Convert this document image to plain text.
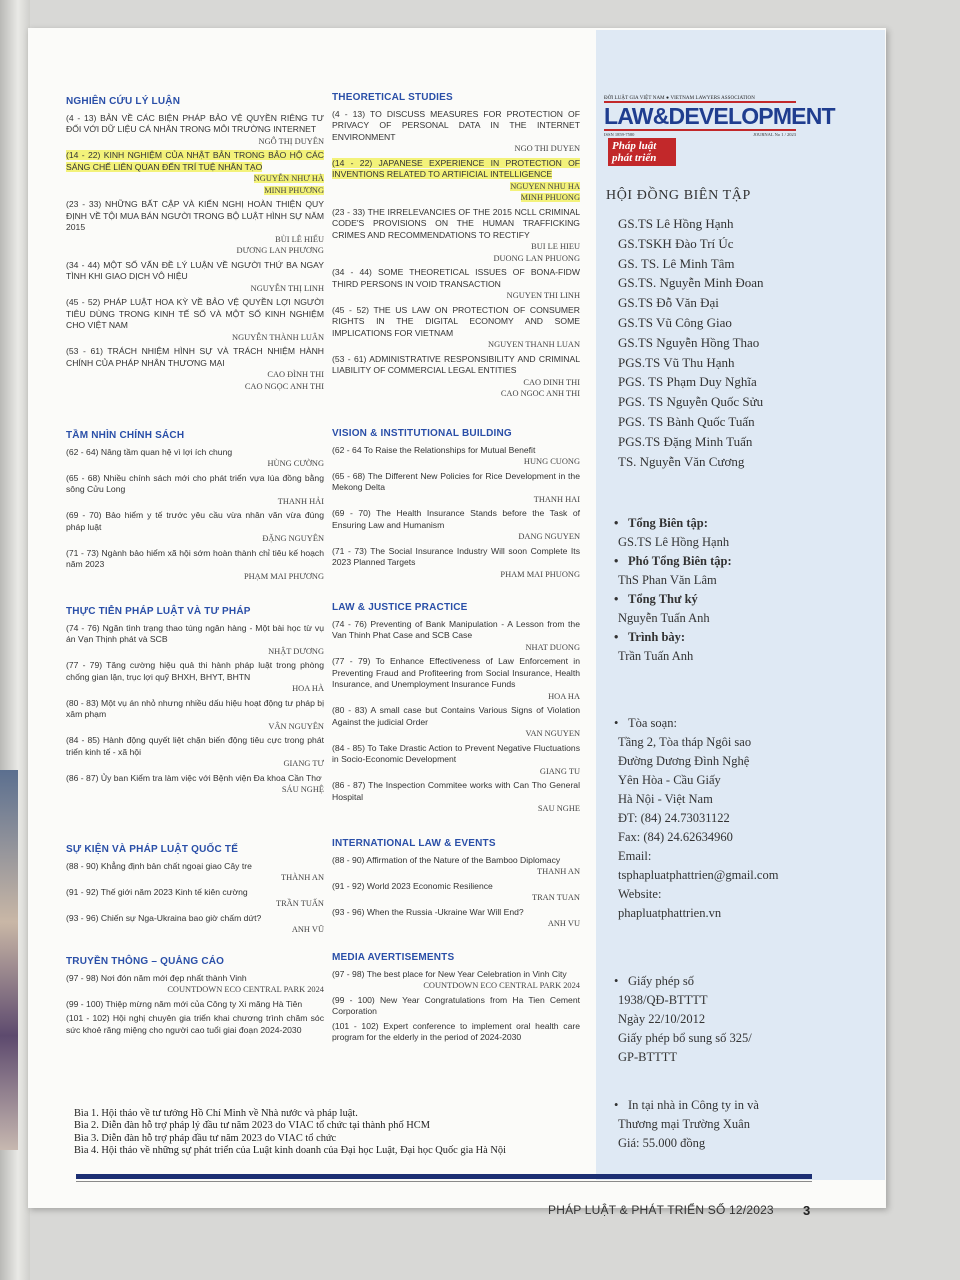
NGHIÊN CỨU LÝ LUẬN
(4 - 13) BẢN VỀ CÁC BIỆN PHÁP BẢO VỆ QUYỀN RIÊNG TƯ ĐỐI VỚI DỮ LIỆU CÁ NHÂN TRONG MÔI TRƯỜNG INTERNET
NGÔ THỊ DUYÊN
(14 - 22) KINH NGHIỆM CỦA NHẬT BẢN TRONG BẢO HỘ CÁC SÁNG CHẾ LIÊN QUAN ĐẾN TRÍ TUỆ NHÂN TẠO
NGUYỄN NHƯ HÀ
MINH PHƯƠNG
(23 - 33) NHỮNG BẤT CẬP VÀ KIẾN NGHỊ HOÀN THIỆN QUY ĐỊNH VỀ TỘI MUA BÁN NGƯỜI TRONG BỘ LUẬT HÌNH SỰ NĂM 2015
BÙI LÊ HIẾU
DƯƠNG LAN PHƯƠNG
(34 - 44) MỘT SỐ VẤN ĐỀ LÝ LUẬN VỀ NGƯỜI THỨ BA NGAY TÌNH KHI GIAO DỊCH VÔ HIỆU
NGUYỄN THỊ LINH
(45 - 52) PHÁP LUẬT HOA KỲ VỀ BẢO VỆ QUYỀN LỢI NGƯỜI TIÊU DÙNG TRONG KINH TẾ SỐ VÀ MỘT SỐ KINH NGHIỆM CHO VIỆT NAM
NGUYỄN THÀNH LUÂN
(53 - 61) TRÁCH NHIỆM HÌNH SỰ VÀ TRÁCH NHIỆM HÀNH CHÍNH CỦA PHÁP NHÂN THƯƠNG MẠI
CAO ĐÌNH THI
CAO NGỌC ANH THI
TẦM NHÌN CHÍNH SÁCH
(62 - 64) Nâng tầm quan hệ vì lợi ích chung
HÙNG CƯỜNG
(65 - 68) Nhiều chính sách mới cho phát triển vựa lúa đồng bằng sông Cửu Long
THANH HẢI
(69 - 70) Bảo hiểm y tế trước yêu cầu vừa nhân văn vừa đúng pháp luật
ĐẶNG NGUYÊN
(71 - 73) Ngành bảo hiểm xã hội sớm hoàn thành chỉ tiêu kế hoạch năm 2023
PHẠM MAI PHƯƠNG
THỰC TIỄN PHÁP LUẬT VÀ TƯ PHÁP
(74 - 76) Ngăn tình trạng thao túng ngân hàng - Một bài học từ vụ án Vạn Thịnh phát và SCB
NHẬT DƯƠNG
(77 - 79) Tăng cường hiệu quả thi hành pháp luật trong phòng chống gian lận, trục lợi quỹ BHXH, BHYT, BHTN
HOA HÀ
(80 - 83) Một vụ án nhỏ nhưng nhiều dấu hiệu hoạt động tư pháp bị xâm phạm
VÂN NGUYÊN
(84 - 85) Hành động quyết liệt chặn biến động tiêu cực trong phát triển kinh tế - xã hội
GIANG TƯ
(86 - 87) Ủy ban Kiểm tra làm việc với Bệnh viện Đa khoa Cần Thơ
SÁU NGHỆ
SỰ KIỆN VÀ PHÁP LUẬT QUỐC TẾ
(88 - 90) Khẳng định bản chất ngoại giao Cây tre
THÀNH AN
(91 - 92) Thế giới năm 2023 Kinh tế kiên cường
TRẦN TUẤN
(93 - 96) Chiến sự Nga-Ukraina bao giờ chấm dứt?
ANH VŨ
TRUYỀN THÔNG – QUẢNG CÁO
(97 - 98) Nơi đón năm mới đẹp nhất thành Vinh
COUNTDOWN ECO CENTRAL PARK 2024
(99 - 100) Thiệp mừng năm mới của Công ty Xi măng Hà Tiên
(101 - 102) Hội nghị chuyên gia triển khai chương trình chăm sóc sức khoẻ răng miệng cho người cao tuổi giai đoạn 2024-2030
THEORETICAL STUDIES
(4 - 13) TO DISCUSS MEASURES FOR PROTECTION OF PRIVACY OF PERSONAL DATA IN THE INTERNET ENVIRONMENT
NGO THI DUYEN
(14 - 22) JAPANESE EXPERIENCE IN PROTECTION OF INVENTIONS RELATED TO ARTIFICIAL INTELLIGENCE
NGUYEN NHU HA
MINH PHUONG
(23 - 33) THE IRRELEVANCIES OF THE 2015 NCLL CRIMINAL CODE'S PROVISIONS ON THE HUMAN TRAFFICKING CRIMES AND RECOMMENDATIONS TO RECTIFY
BUI LE HIEU
DUONG LAN PHUONG
(34 - 44) SOME THEORETICAL ISSUES OF BONA-FIDW THIRD PERSONS IN VOID TRANSACTION
NGUYEN THI LINH
(45 - 52) THE US LAW ON PROTECTION OF CONSUMER RIGHTS IN THE DIGITAL ECONOMY AND SOME IMPLICATIONS FOR VIETNAM
NGUYEN THANH LUAN
(53 - 61) ADMINISTRATIVE RESPONSIBILITY AND CRIMINAL LIABILITY OF COMMERCIAL LEGAL ENTITIES
CAO DINH THI
CAO NGOC ANH THI
VISION & INSTITUTIONAL BUILDING
(62 - 64 To Raise the Relationships for Mutual Benefit
HUNG CUONG
(65 - 68) The Different New Policies for Rice Development in the Mekong Delta
THANH HAI
(69 - 70) The Health Insurance Stands before the Task of Ensuring Law and Humanism
DANG NGUYEN
(71 - 73) The Social Insurance Industry Will soon Complete Its 2023 Planned Targets
PHAM MAI PHUONG
LAW & JUSTICE PRACTICE
(74 - 76) Preventing of Bank Manipulation - A Lesson from the Van Thinh Phat Case and SCB Case
NHAT DUONG
(77 - 79) To Enhance Effectiveness of Law Enforcement in Preventing Fraud and Profiteering from Social Insurance, Health Insurance, and Unemployment Insurance Funds
HOA HA
(80 - 83) A small case but Contains Various Signs of Violation Against the judicial Order
VAN NGUYEN
(84 - 85) To Take Drastic Action to Prevent Negative Fluctuations in Socio-Economic Development
GIANG TU
(86 - 87) The Inspection Commitee works with Can Tho General Hospital
SAU NGHE
INTERNATIONAL LAW & EVENTS
(88 - 90) Affirmation of the Nature of the Bamboo Diplomacy
THANH AN
(91 - 92) World 2023 Economic Resilience
TRAN TUAN
(93 - 96) When the Russia -Ukraine War Will End?
ANH VU
MEDIA AVERTISEMENTS
(97 - 98) The best place for New Year Celebration in Vinh City
COUNTDOWN ECO CENTRAL PARK 2024
(99 - 100) New Year Congratulations from Ha Tien Cement Corporation
(101 - 102) Expert conference to implement oral health care program for the elderly in the period of 2024-2030
ĐỜI LUẬT GIA VIỆT NAM ● VIETNAM LAWYERS ASSOCIATION
LAW&DEVELOPMENT
ISSN 1859-7580	JOURNAL No 1 / 2023
Pháp luật
phát triển
HỘI ĐỒNG BIÊN TẬP
GS.TS Lê Hồng Hạnh
GS.TSKH Đào Trí Úc
GS. TS. Lê Minh Tâm
GS.TS. Nguyễn Minh Đoan
GS.TS Đỗ Văn Đại
GS.TS Vũ Công Giao
GS.TS Nguyễn Hồng Thao
PGS.TS Vũ Thu Hạnh
PGS. TS Phạm Duy Nghĩa
PGS. TS Nguyễn Quốc Sửu
PGS. TS Bành Quốc Tuấn
PGS.TS Đặng Minh Tuấn
TS. Nguyễn Văn Cương
• Tổng Biên tập:
GS.TS Lê Hồng Hạnh
• Phó Tổng Biên tập:
ThS Phan Văn Lâm
• Tổng Thư ký
Nguyễn Tuấn Anh
• Trình bày:
Trần Tuấn Anh
• Tòa soạn:
Tầng 2, Tòa tháp Ngôi sao
Đường Dương Đình Nghệ
Yên Hòa - Cầu Giấy
Hà Nội - Việt Nam
ĐT: (84) 24.73031122
Fax: (84) 24.62634960
Email:
tsphapluatphattrien@gmail.com
Website:
phapluatphattrien.vn
• Giấy phép số
1938/QĐ-BTTTT
Ngày 22/10/2012
Giấy phép bổ sung số 325/
GP-BTTTT
• In tại nhà in Công ty in và
Thương mại Trường Xuân
Giá: 55.000 đồng
Bìa 1. Hội thảo về tư tưởng Hồ Chí Minh về Nhà nước và pháp luật.
Bìa 2. Diễn đàn hỗ trợ pháp lý đầu tư năm 2023 do VIAC tổ chức tại thành phố HCM
Bìa 3. Diễn đàn hỗ trợ pháp đầu tư năm 2023 do VIAC tổ chức
Bìa 4. Hội thảo về những sự phát triển của Luật kinh doanh của Đại học Luật, Đại học Quốc gia Hà Nội
PHÁP LUẬT & PHÁT TRIỂN SỐ 12/2023 3
